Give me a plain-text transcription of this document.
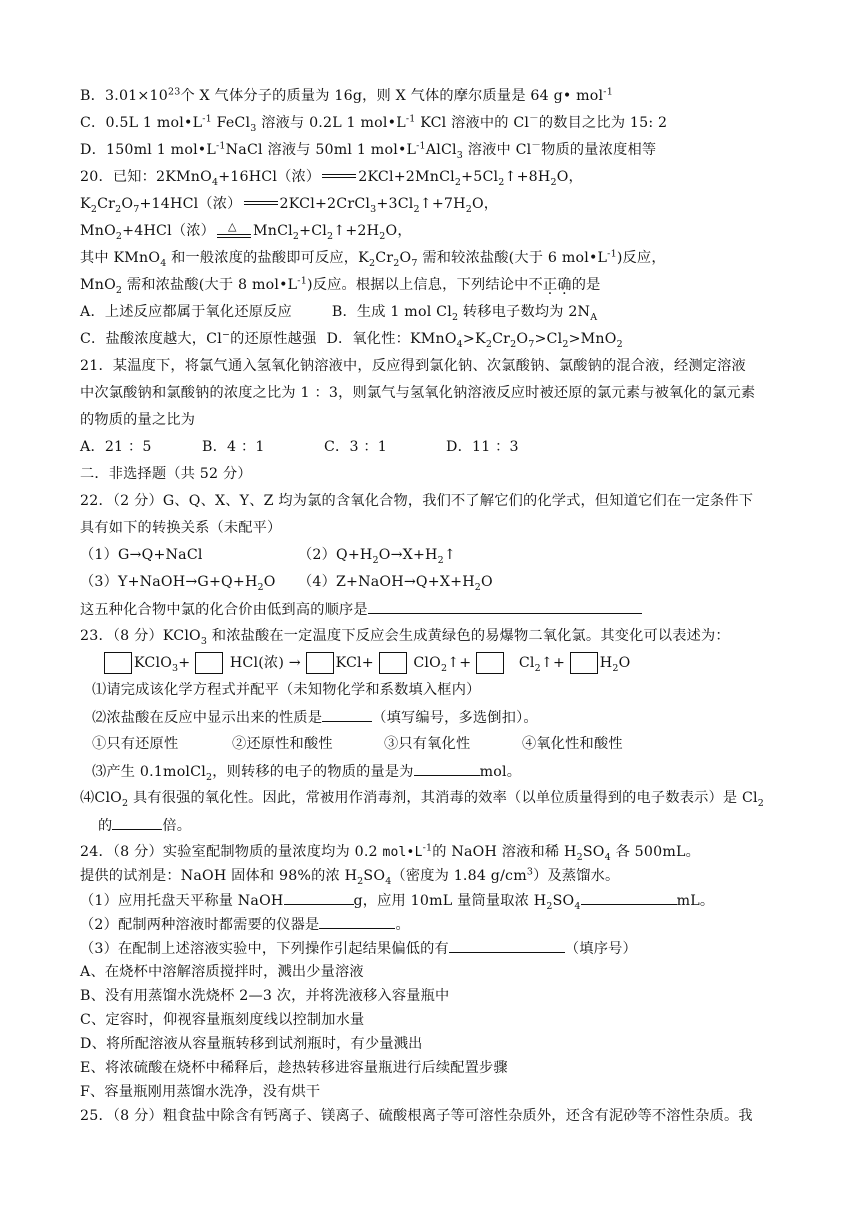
B．$3.01\times 10^{23}$个 X 气体分子的质量为 16g，则 X 气体的摩尔质量是 64 g• mol$^{-1}$
C．0.5L 1 $mol•L^{-1}$ FeCl$_3$ 溶液与 0.2L 1 $mol•L^{-1}$ KCl 溶液中的 Cl－的数目之比为 15: 2
D．150ml 1 $mol•L^{-1}NaCl$ 溶液与 50ml 1 $mol•L^{-1}AlCl_3$ 溶液中 Cl－物质的量浓度相等
20．已知：2KMnO$_4$+16HCl（浓）	$2KCl+2MnCl_2+5Cl_2↑+8H_2O$，
$K_2Cr_2O_7+14HCl$（浓）	$2KCl+2CrCl_3+3Cl_2↑+7H_2O$，
MnO$_2$+4HCl（浓） △ $MnCl_2+Cl_2↑+2H_2O$，
其中 KMnO$_4$ 和一般浓度的盐酸即可反应，$K_2Cr_2O_7$ 需和较浓盐酸(大于 6 $mol•L^{-1}$)反应，
MnO$_2$ 需和浓盐酸(大于 8 $mol•L^{-1}$)反应。根据以上信息，下列结论中不正确的是
A．上述反应都属于氧化还原反应	B．生成 1 mol $Cl_2$ 转移电子数均为 $2N_A$
C．盐酸浓度越大，Cl−的还原性越强 D．氧化性：$KMnO_4>K_2Cr_2O_7>Cl_2>MnO_2$
21．某温度下，将氯气通入氢氧化钠溶液中，反应得到氯化钠、次氯酸钠、氯酸钠的混合液，经测定溶液
中次氯酸钠和氯酸钠的浓度之比为 1 ：3，则氯气与氢氧化钠溶液反应时被还原的氯元素与被氧化的氯元素
的物质的量之比为
A．21 ：5	B．4 ：1	C．3 ：1	D．11 ：3
二．非选择题（共 52 分）
22．（2 分）G、Q、X、Y、Z 均为氯的含氧化合物，我们不了解它们的化学式，但知道它们在一定条件下
具有如下的转换关系（未配平）
（1）G→Q+NaCl	$(2)Q+H_2O\to X+H_2↑$
$(3)Y+NaOH\to G+Q+H_2O$ $(4)Z+NaOH\to Q+X+H_2O$
这五种化合物中氯的化合价由低到高的顺序是
23．（8 分）KClO$_3$ 和浓盐酸在一定温度下反应会生成黄绿色的易爆物二氧化氯。其变化可以表述为：
KClO$_3$+	HCl(浓) → KCl+	ClO$_2$↑+	$Cl_2↑+ H_2O$
⑴请完成该化学方程式并配平（未知物化学和系数填入框内）
⑵浓盐酸在反应中显示出来的性质是	（填写编号，多选倒扣）。
①只有还原性	②还原性和酸性	③只有氧化性	④氧化性和酸性
⑶产生 0.1molCl$_2$，则转移的电子的物质的量是为	mol。
⑷ClO$_2$ 具有很强的氧化性。因此，常被用作消毒剂，其消毒的效率（以单位质量得到的电子数表示）是 $Cl_2$
的	倍。
24．（8 分）实验室配制物质的量浓度均为 0.2 $mol•L^{-1}$的 NaOH 溶液和稀 $H_2SO_4$ 各 500mL。
提供的试剂是：NaOH 固体和 98%的浓 $H_2SO_4$（密度为 1.84 $g/cm^3$）及蒸馏水。
（1）应用托盘天平称量 NaOH	g，应用 10mL 量筒量取浓 $H_2SO_4$	mL。
（2）配制两种溶液时都需要的仪器是	。
（3）在配制上述溶液实验中，下列操作引起结果偏低的有	（填序号）
A、在烧杯中溶解溶质搅拌时，溅出少量溶液
B、没有用蒸馏水洗烧杯 2—3 次，并将洗液移入容量瓶中
C、定容时，仰视容量瓶刻度线以控制加水量
D、将所配溶液从容量瓶转移到试剂瓶时，有少量溅出
E、将浓硫酸在烧杯中稀释后，趁热转移进容量瓶进行后续配置步骤
F、容量瓶刚用蒸馏水洗净，没有烘干
25．（8 分）粗食盐中除含有钙离子、镁离子、硫酸根离子等可溶性杂质外，还含有泥砂等不溶性杂质。我
